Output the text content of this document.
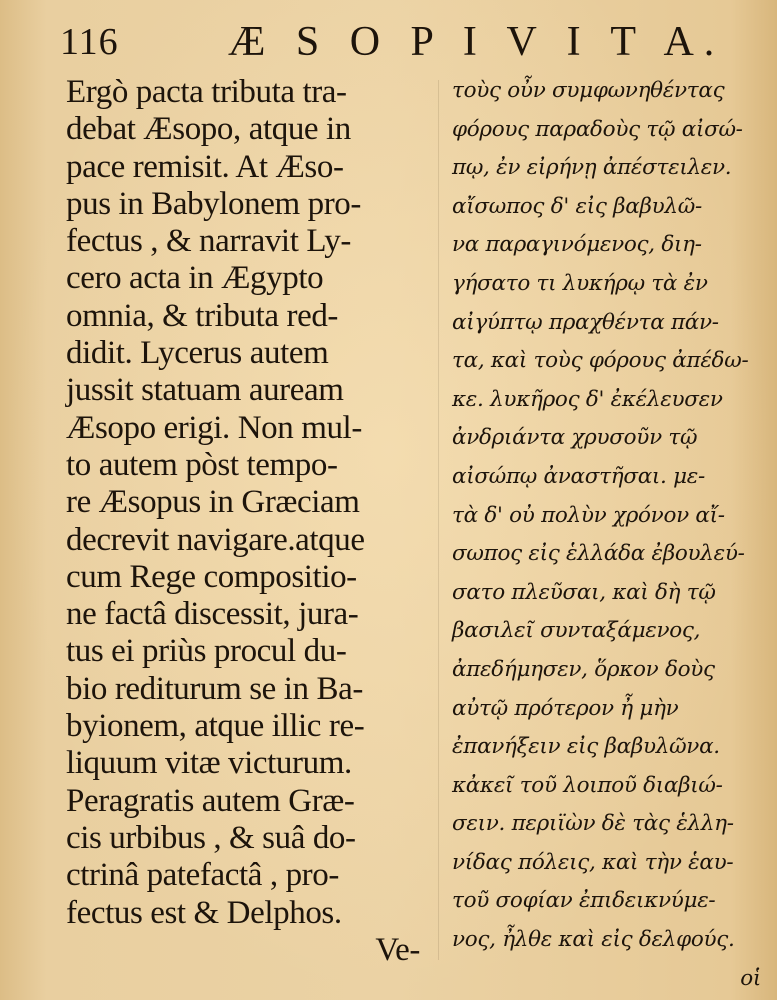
116	Æ S O P I V I T A.
Ergò pacta tributa tra-
debat Æsopo, atque in
pace remisit. At Æso-
pus in Babylonem pro-
fectus , & narravit Ly-
cero acta in Ægypto
omnia, & tributa red-
didit. Lycerus autem
jussit statuam auream
Æsopo erigi. Non mul-
to autem pòst tempo-
re Æsopus in Græciam
decrevit navigare.atque
cum Rege compositio-
ne factâ discessit, jura-
tus ei priùs procul du-
bio rediturum se in Ba-
byionem, atque illic re-
liquum vitæ victurum.
Peragratis autem Græ-
cis urbibus , & suâ do-
ctrinâ patefactâ , pro-
fectus est & Delphos.
Ve-
τοὺς οὖν συμφωνηθέντας
φόρους παραδοὺς τῷ αἰσώ-
πῳ, ἐν εἰρήνῃ ἀπέστειλεν.
αἴσωπος δ' εἰς βαβυλῶ-
να παραγινόμενος, διη-
γήσατο τι λυκήρῳ τὰ ἐν
αἰγύπτῳ πραχθέντα πάν-
τα, καὶ τοὺς φόρους ἀπέδω-
κε. λυκῆρος δ' ἐκέλευσεν
ἀνδριάντα χρυσοῦν τῷ
αἰσώπῳ ἀναστῆσαι. με-
τὰ δ' οὐ πολὺν χρόνον αἴ-
σωπος εἰς ἑλλάδα ἐβουλεύ-
σατο πλεῦσαι, καὶ δὴ τῷ
βασιλεῖ συνταξάμενος,
ἀπεδήμησεν, ὅρκον δοὺς
αὐτῷ πρότερον ἦ μὴν
ἐπανήξειν εἰς βαβυλῶνα.
κἀκεῖ τοῦ λοιποῦ διαβιώ-
σειν. περιϊὼν δὲ τὰς ἑλλη-
νίδας πόλεις, καὶ τὴν ἑαυ-
τοῦ σοφίαν ἐπιδεικνύμε-
νος, ἦλθε καὶ εἰς δελφούς.
οἱ
